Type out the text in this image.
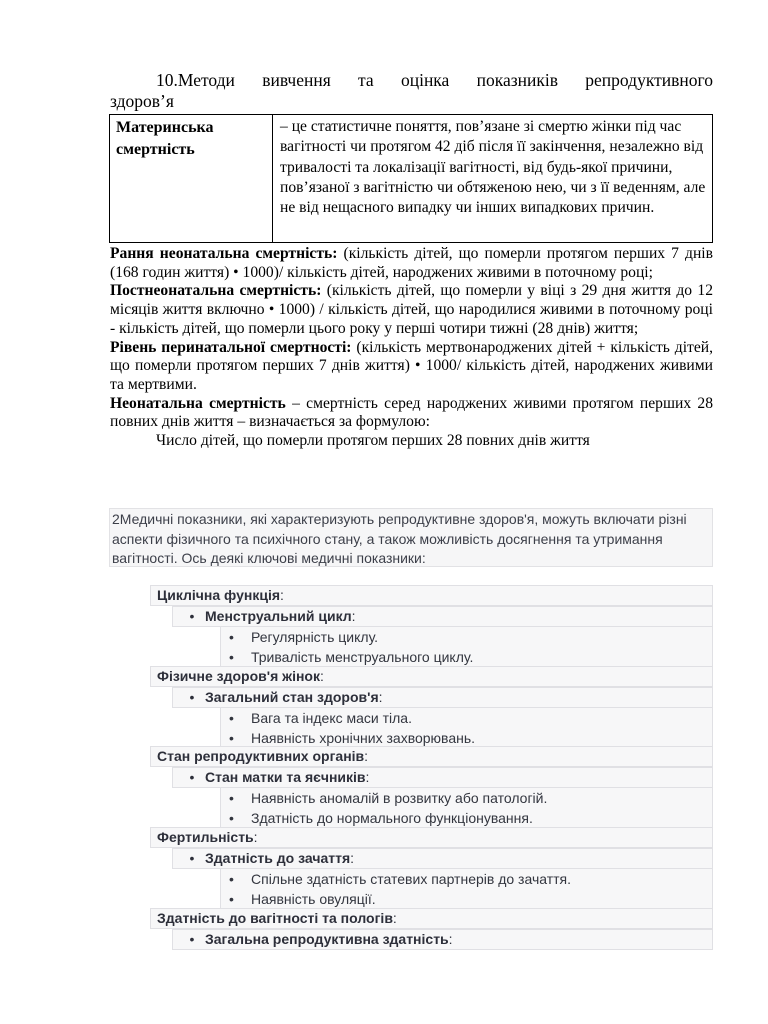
10.Методи вивчення та оцінка показників репродуктивного
здоров’я
Материнська
смертність
– це статистичне поняття, пов’язане зі смертю жінки під час вагітності чи протягом 42 діб після її закінчення, незалежно від тривалості та локалізації вагітності, від будь-якої причини, пов’язаної з вагітністю чи обтяженою нею, чи з її веденням, але не від нещасного випадку чи інших випадкових причин.

Рання неонатальна смертність: (кількість дітей, що померли протягом перших 7 днів (168 годин життя) • 1000)/ кількість дітей, народжених живими в поточному році;

Постнеонатальна смертність: (кількість дітей, що померли у віці з 29 дня життя до 12 місяців життя включно • 1000) / кількість дітей, що народилися живими в поточному році - кількість дітей, що померли цього року у перші чотири тижні (28 днів) життя;

Рівень перинатальної смертності: (кількість мертвонароджених дітей + кількість дітей, що померли протягом перших 7 днів життя) • 1000/ кількість дітей, народжених живими та мертвими.

Неонатальна смертність – смертність серед народжених живими протягом перших 28 повних днів життя – визначається за формулою:

Число дітей, що померли протягом перших 28 повних днів життя

2Медичні показники, які характеризують репродуктивне здоров'я, можуть включати різні аспекти фізичного та психічного стану, а також можливість досягнення та утримання вагітності. Ось деякі ключові медичні показники:
Циклічна функція:
• Менструальний цикл:
• Регулярність циклу.
• Тривалість менструального циклу.
Фізичне здоров'я жінок:
• Загальний стан здоров'я:
• Вага та індекс маси тіла.
• Наявність хронічних захворювань.
Стан репродуктивних органів:
• Стан матки та яєчників:
• Наявність аномалій в розвитку або патологій.
• Здатність до нормального функціонування.
Фертильність:
• Здатність до зачаття:
• Спільне здатність статевих партнерів до зачаття.
• Наявність овуляції.
Здатність до вагітності та пологів:
• Загальна репродуктивна здатність:
